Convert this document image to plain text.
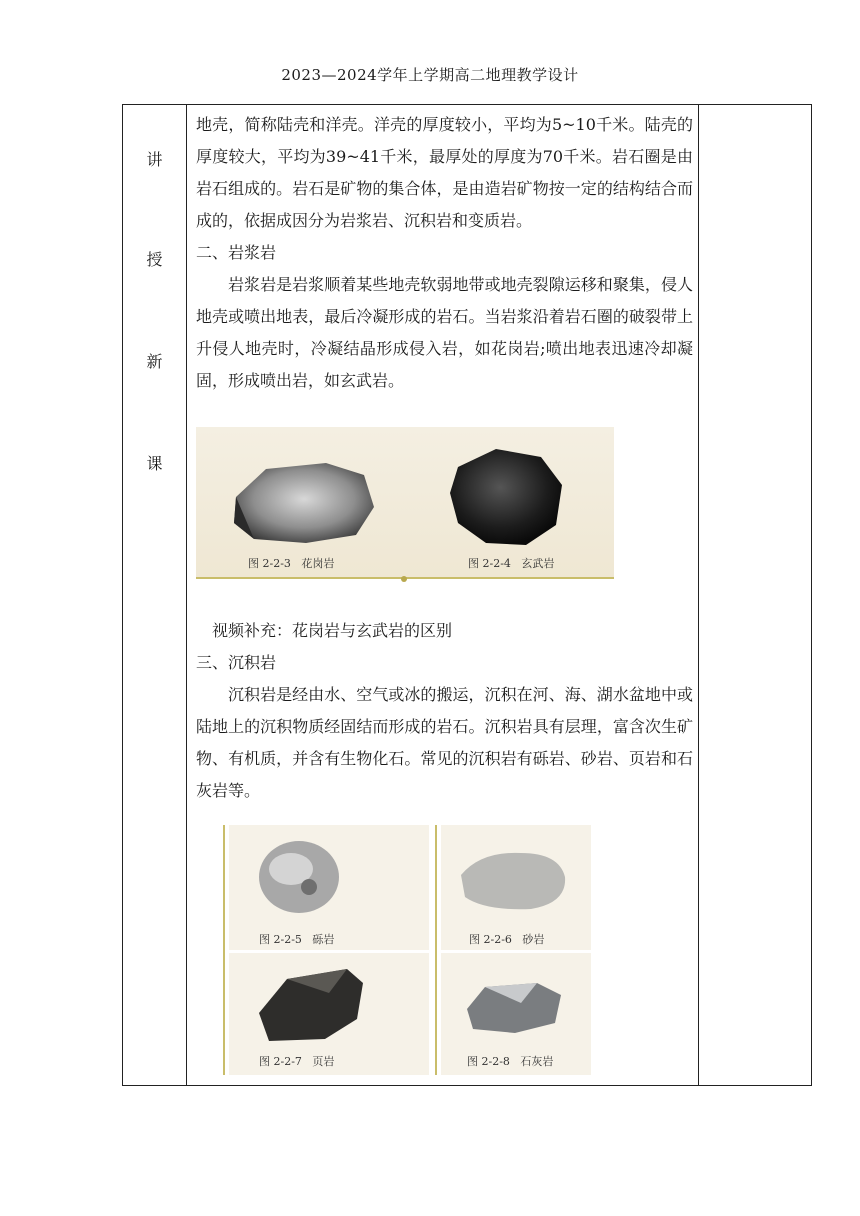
2023—2024学年上学期高二地理教学设计
讲
授
新
课

地壳，简称陆壳和洋壳。洋壳的厚度较小，平均为5~10千米。陆壳的厚度较大，平均为39~41千米，最厚处的厚度为70千米。岩石圈是由岩石组成的。岩石是矿物的集合体，是由造岩矿物按一定的结构结合而成的，依据成因分为岩浆岩、沉积岩和变质岩。

二、岩浆岩

岩浆岩是岩浆顺着某些地壳软弱地带或地壳裂隙运移和聚集，侵人地壳或喷出地表，最后冷凝形成的岩石。当岩浆沿着岩石圈的破裂带上升侵人地壳时，冷凝结晶形成侵入岩，如花岗岩;喷出地表迅速冷却凝固，形成喷出岩，如玄武岩。

图 2-2-3   花岗岩	图 2-2-4   玄武岩

视频补充：花岗岩与玄武岩的区别

三、沉积岩

沉积岩是经由水、空气或冰的搬运，沉积在河、海、湖水盆地中或陆地上的沉积物质经固结而形成的岩石。沉积岩具有层理，富含次生矿物、有机质，并含有生物化石。常见的沉积岩有砾岩、砂岩、页岩和石灰岩等。

图 2-2-5   砾岩	图 2-2-6   砂岩
图 2-2-7   页岩	图 2-2-8   石灰岩
